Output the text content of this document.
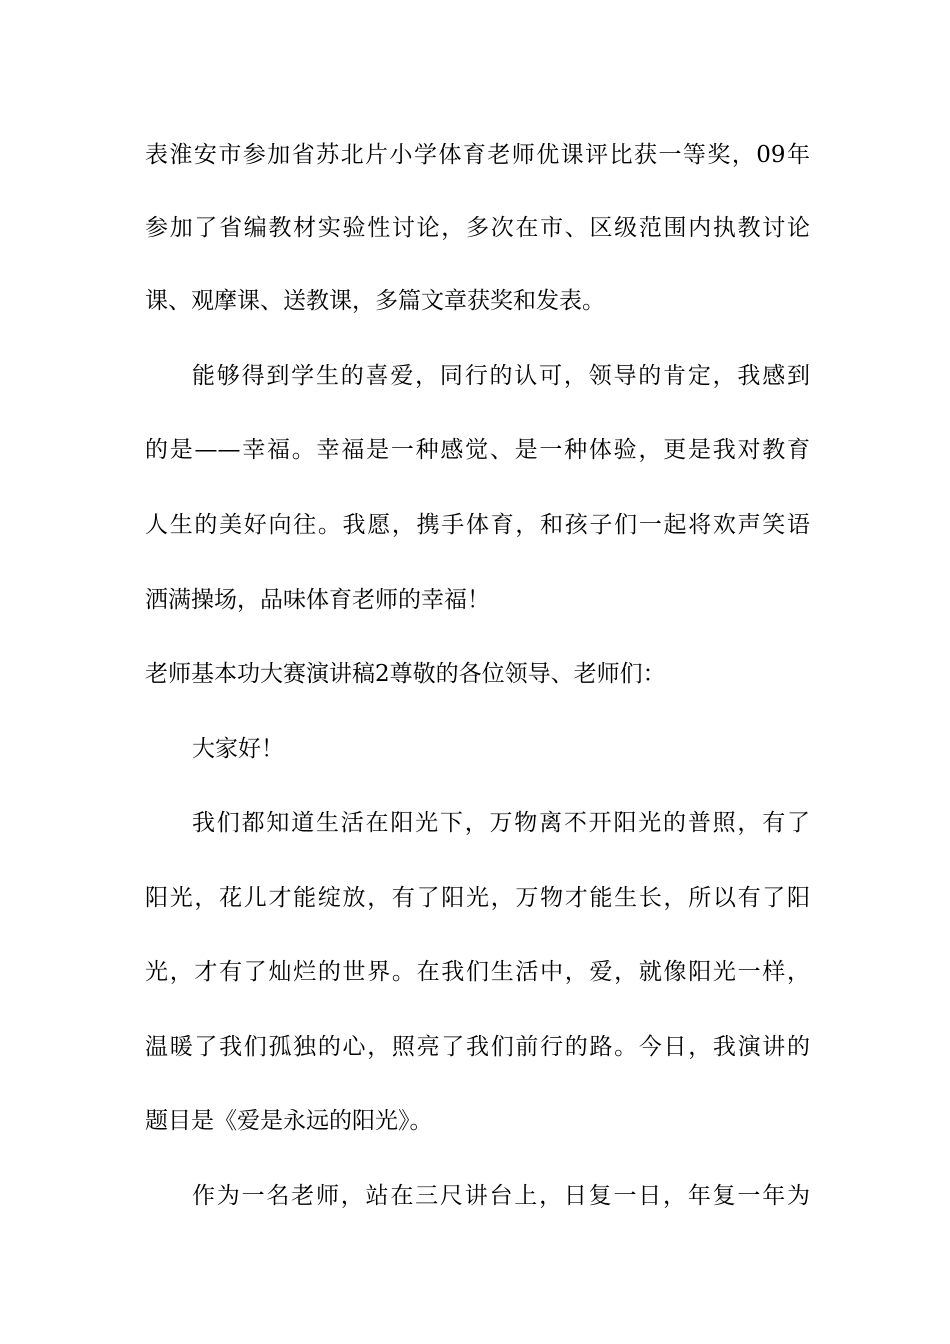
表淮安市参加省苏北片小学体育老师优课评比获一等奖，09年
参加了省编教材实验性讨论，多次在市、区级范围内执教讨论
课、观摩课、送教课，多篇文章获奖和发表。
能够得到学生的喜爱，同行的认可，领导的肯定，我感到
的是——幸福。幸福是一种感觉、是一种体验，更是我对教育
人生的美好向往。我愿，携手体育，和孩子们一起将欢声笑语
洒满操场，品味体育老师的幸福！
老师基本功大赛演讲稿2尊敬的各位领导、老师们：
大家好！
我们都知道生活在阳光下，万物离不开阳光的普照，有了
阳光，花儿才能绽放，有了阳光，万物才能生长，所以有了阳
光，才有了灿烂的世界。在我们生活中，爱，就像阳光一样，
温暖了我们孤独的心，照亮了我们前行的路。今日，我演讲的
题目是《爱是永远的阳光》。
作为一名老师，站在三尺讲台上，日复一日，年复一年为
